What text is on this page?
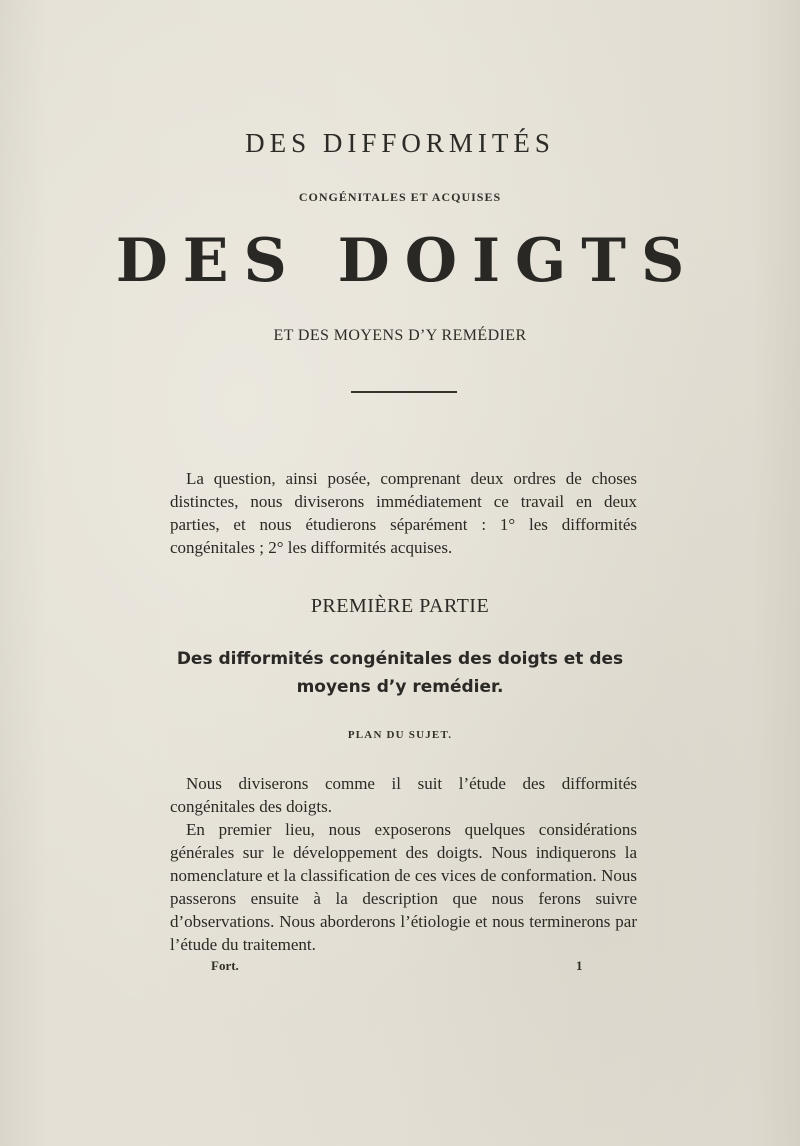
DES DIFFORMITÉS
CONGÉNITALES ET ACQUISES
DES DOIGTS
ET DES MOYENS D’Y REMÉDIER

La question, ainsi posée, comprenant deux ordres de choses distinctes, nous diviserons immédiatement ce travail en deux parties, et nous étudierons séparément : 1° les difformités congénitales ; 2° les difformités acquises.

PREMIÈRE PARTIE

Des difformités congénitales des doigts et des moyens d’y remédier.

PLAN DU SUJET.

Nous diviserons comme il suit l’étude des difformités congénitales des doigts.

En premier lieu, nous exposerons quelques considérations générales sur le développement des doigts. Nous indiquerons la nomenclature et la classification de ces vices de conformation. Nous passerons ensuite à la description que nous ferons suivre d’observations. Nous aborderons l’étiologie et nous terminerons par l’étude du traitement.

Fort.	1
